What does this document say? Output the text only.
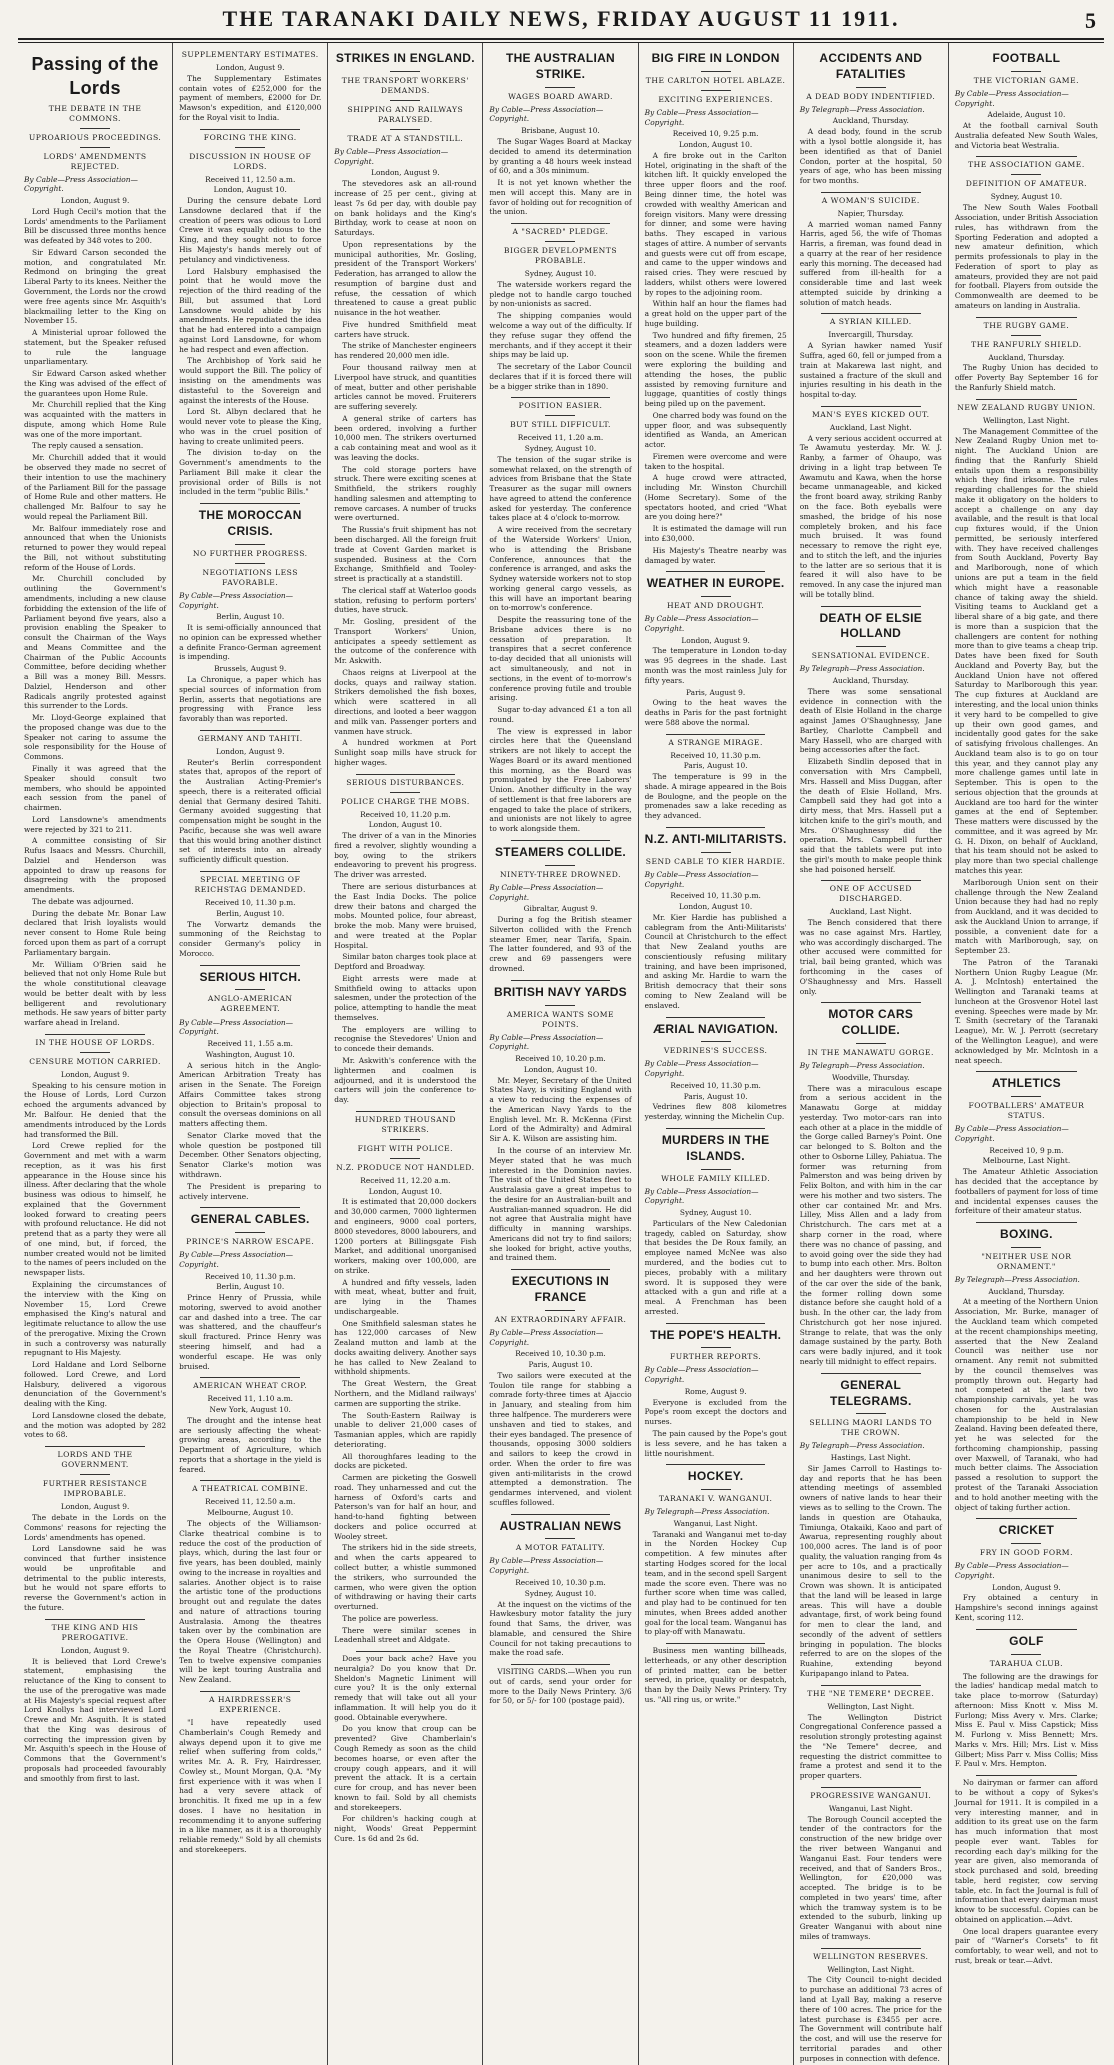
THE TARANAKI DAILY NEWS, FRIDAY AUGUST 11 1911.	5
Passing of the Lords
THE DEBATE IN THE COMMONS.
UPROARIOUS PROCEEDINGS.
LORDS' AMENDMENTS REJECTED.
By Cable—Press Association—Copyright.
London, August 9.

Lord Hugh Cecil's motion that the Lords' amendments to the Parliament Bill be discussed three months hence was defeated by 348 votes to 200.

Sir Edward Carson seconded the motion, and congratulated Mr. Redmond on bringing the great Liberal Party to its knees. Neither the Government, the Lords nor the crowd were free agents since Mr. Asquith's blackmailing letter to the King on November 15.

A Ministerial uproar followed the statement, but the Speaker refused to rule the language unparliamentary.

Sir Edward Carson asked whether the King was advised of the effect of the guarantees upon Home Rule.

Mr. Churchill replied that the King was acquainted with the matters in dispute, among which Home Rule was one of the more important.

The reply caused a sensation.

Mr. Churchill added that it would be observed they made no secret of their intention to use the machinery of the Parliament Bill for the passage of Home Rule and other matters. He challenged Mr. Balfour to say he would repeal the Parliament Bill.

Mr. Balfour immediately rose and announced that when the Unionists returned to power they would repeal the Bill, not without substituting reform of the House of Lords.

Mr. Churchill concluded by outlining the Government's amendments, including a new clause forbidding the extension of the life of Parliament beyond five years, also a provision enabling the Speaker to consult the Chairman of the Ways and Means Committee and the Chairman of the Public Accounts Committee, before deciding whether a Bill was a money Bill. Messrs. Dalziel, Henderson and other Radicals angrily protested against this surrender to the Lords.

Mr. Lloyd-George explained that the proposed change was due to the Speaker not caring to assume the sole responsibility for the House of Commons.

Finally it was agreed that the Speaker should consult two members, who should be appointed each session from the panel of chairmen.

Lord Lansdowne's amendments were rejected by 321 to 211.

A committee consisting of Sir Rufus Isaacs and Messrs. Churchill, Dalziel and Henderson was appointed to draw up reasons for disagreeing with the proposed amendments.

The debate was adjourned.

During the debate Mr. Bonar Law declared that Irish loyalists would never consent to Home Rule being forced upon them as part of a corrupt Parliamentary bargain.

Mr. William O'Brien said he believed that not only Home Rule but the whole constitutional cleavage would be better dealt with by less belligerent and revolutionary methods. He saw years of bitter party warfare ahead in Ireland.

IN THE HOUSE OF LORDS.
CENSURE MOTION CARRIED.
London, August 9.

Speaking to his censure motion in the House of Lords, Lord Curzon echoed the arguments advanced by Mr. Balfour. He denied that the amendments introduced by the Lords had transformed the Bill.

Lord Crewe replied for the Government and met with a warm reception, as it was his first appearance in the House since his illness. After declaring that the whole business was odious to himself, he explained that the Government looked forward to creating peers with profound reluctance. He did not pretend that as a party they were all of one mind, but, if forced, the number created would not be limited to the names of peers included on the newspaper lists.

Explaining the circumstances of the interview with the King on November 15, Lord Crewe emphasised the King's natural and legitimate reluctance to allow the use of the prerogative. Mixing the Crown in such a controversy was naturally repugnant to His Majesty.

Lord Haldane and Lord Selborne followed. Lord Crewe, and Lord Halsbury, delivered a vigorous denunciation of the Government's dealing with the King.

Lord Lansdowne closed the debate, and the motion was adopted by 282 votes to 68.

LORDS AND THE GOVERNMENT.
FURTHER RESISTANCE IMPROBABLE.
London, August 9.

The debate in the Lords on the Commons' reasons for rejecting the Lords' amendments has opened.

Lord Lansdowne said he was convinced that further insistence would be unprofitable and detrimental to the public interests, but he would not spare efforts to reverse the Government's action in the future.

THE KING AND HIS PREROGATIVE.
London, August 9.

It is believed that Lord Crewe's statement, emphasising the reluctance of the King to consent to the use of the prerogative was made at His Majesty's special request after Lord Knollys had interviewed Lord Crewe and Mr. Asquith. It is stated that the King was desirous of correcting the impression given by Mr. Asquith's speech in the House of Commons that the Government's proposals had proceeded favourably and smoothly from first to last.

SUPPLEMENTARY ESTIMATES.
London, August 9.

The Supplementary Estimates contain votes of £252,000 for the payment of members, £2000 for Dr. Mawson's expedition, and £120,000 for the Royal visit to India.

FORCING THE KING.
DISCUSSION IN HOUSE OF LORDS.
Received 11, 12.50 a.m.
London, August 10.

During the censure debate Lord Lansdowne declared that if the creation of peers was odious to Lord Crewe it was equally odious to the King, and they sought not to force His Majesty's hands merely out of petulancy and vindictiveness.

Lord Halsbury emphasised the point that he would move the rejection of the third reading of the Bill, but assumed that Lord Lansdowne would abide by his amendments. He repudiated the idea that he had entered into a campaign against Lord Lansdowne, for whom he had respect and even affection.

The Archbishop of York said he would support the Bill. The policy of insisting on the amendments was distasteful to the Sovereign and against the interests of the House.

Lord St. Albyn declared that he would never vote to please the King, who was in the cruel position of having to create unlimited peers.

The division to-day on the Government's amendments to the Parliament Bill make it clear the provisional order of Bills is not included in the term "public Bills."

THE MOROCCAN CRISIS.
NO FURTHER PROGRESS.
NEGOTIATIONS LESS FAVORABLE.
By Cable—Press Association—Copyright.
Berlin, August 10.

It is semi-officially announced that no opinion can be expressed whether a definite Franco-German agreement is impending.

Brussels, August 9.

La Chronique, a paper which has special sources of information from Berlin, asserts that negotiations are progressing with France less favorably than was reported.

GERMANY AND TAHITI.
London, August 9.

Reuter's Berlin correspondent states that, apropos of the report of the Australian Acting-Premier's speech, there is a reiterated official denial that Germany desired Tahiti. Germany avoided suggesting that compensation might be sought in the Pacific, because she was well aware that this would bring another distinct set of interests into an already sufficiently difficult question.

SPECIAL MEETING OF REICHSTAG DEMANDED.
Received 10, 11.30 p.m.
Berlin, August 10.

The Vorwartz demands the summoning of the Reichstag to consider Germany's policy in Morocco.

SERIOUS HITCH.
ANGLO-AMERICAN AGREEMENT.
By Cable—Press Association—Copyright.
Received 11, 1.55 a.m.
Washington, August 10.

A serious hitch in the Anglo-American Arbitration Treaty has arisen in the Senate. The Foreign Affairs Committee takes strong objection to Britain's proposal to consult the overseas dominions on all matters affecting them.

Senator Clarke moved that the whole question be postponed till December. Other Senators objecting, Senator Clarke's motion was withdrawn.

The President is preparing to actively intervene.

GENERAL CABLES.
PRINCE'S NARROW ESCAPE.
By Cable—Press Association—Copyright.
Received 10, 11.30 p.m.
Berlin, August 10.

Prince Henry of Prussia, while motoring, swerved to avoid another car and dashed into a tree. The car was shattered, and the chauffeur's skull fractured. Prince Henry was steering himself, and had a wonderful escape. He was only bruised.

AMERICAN WHEAT CROP.
Received 11, 1.10 a.m.
New York, August 10.

The drought and the intense heat are seriously affecting the wheat-growing areas, according to the Department of Agriculture, which reports that a shortage in the yield is feared.

A THEATRICAL COMBINE.
Received 11, 12.50 a.m.
Melbourne, August 10.

The objects of the Williamson-Clarke theatrical combine is to reduce the cost of the production of plays, which, during the last four or five years, has been doubled, mainly owing to the increase in royalties and salaries. Another object is to raise the artistic tone of the productions brought out and regulate the dates and nature of attractions touring Australasia. Among the theatres taken over by the combination are the Opera House (Wellington) and the Royal Theatre (Christchurch). Ten to twelve expensive companies will be kept touring Australia and New Zealand.

A HAIRDRESSER'S EXPERIENCE.

"I have repeatedly used Chamberlain's Cough Remedy and always depend upon it to give me relief when suffering from colds," writes Mr. A. R. Fry, Hairdresser, Cowley st., Mount Morgan, Q.A. "My first experience with it was when I had a very severe attack of bronchitis. It fixed me up in a few doses. I have no hesitation in recommending it to anyone suffering in a like manner, as it is a thoroughly reliable remedy." Sold by all chemists and storekeepers.

STRIKES IN ENGLAND.
THE TRANSPORT WORKERS' DEMANDS.
SHIPPING AND RAILWAYS PARALYSED.
TRADE AT A STANDSTILL.
By Cable—Press Association—Copyright.
London, August 9.

The stevedores ask an all-round increase of 25 per cent., giving at least 7s 6d per day, with double pay on bank holidays and the King's Birthday, work to cease at noon on Saturdays.

Upon representations by the municipal authorities, Mr. Gosling, president of the Transport Workers' Federation, has arranged to allow the resumption of bargine dust and refuse, the cessation of which threatened to cause a great public nuisance in the hot weather.

Five hundred Smithfield meat carters have struck.

The strike of Manchester engineers has rendered 20,000 men idle.

Four thousand railway men at Liverpool have struck, and quantities of meat, butter and other perishable articles cannot be moved. Fruiterers are suffering severely.

A general strike of carters has been ordered, involving a further 10,000 men. The strikers overturned a cab containing meat and wool as it was leaving the docks.

The cold storage porters have struck. There were exciting scenes at Smithfield, the strikers roughly handling salesmen and attempting to remove carcases. A number of trucks were overturned.

The Russia's fruit shipment has not been discharged. All the foreign fruit trade at Covent Garden market is suspended. Business at the Corn Exchange, Smithfield and Tooley-street is practically at a standstill.

The clerical staff at Waterloo goods station, refusing to perform porters' duties, have struck.

Mr. Gosling, president of the Transport Workers' Union, anticipates a speedy settlement as the outcome of the conference with Mr. Askwith.

Chaos reigns at Liverpool at the docks, quays and railway station. Strikers demolished the fish boxes, which were scattered in all directions, and looted a beer waggon and milk van. Passenger porters and vanmen have struck.

A hundred workmen at Port Sunlight soap mills have struck for higher wages.

SERIOUS DISTURBANCES.
POLICE CHARGE THE MOBS.
Received 10, 11.20 p.m.
London, August 10.

The driver of a van in the Minories fired a revolver, slightly wounding a boy, owing to the strikers endeavoring to prevent his progress. The driver was arrested.

There are serious disturbances at the East India Docks. The police drew their batons and charged the mobs. Mounted police, four abreast, broke the mob. Many were bruised, and were treated at the Poplar Hospital.

Similar baton charges took place at Deptford and Broadway.

Eight arrests were made at Smithfield owing to attacks upon salesmen, under the protection of the police, attempting to handle the meat themselves.

The employers are willing to recognise the Stevedores' Union and to concede their demands.

Mr. Askwith's conference with the lightermen and coalmen is adjourned, and it is understood the carters will join the conference to-day.

HUNDRED THOUSAND STRIKERS.
FIGHT WITH POLICE.
N.Z. PRODUCE NOT HANDLED.
Received 11, 12.20 a.m.
London, August 10.

It is estimated that 20,000 dockers and 30,000 carmen, 7000 lightermen and engineers, 9000 coal porters, 8000 stevedores, 8000 labourers, and 1200 porters at Billingsgate Fish Market, and additional unorganised workers, making over 100,000, are on strike.

A hundred and fifty vessels, laden with meat, wheat, butter and fruit, are lying in the Thames undischargeable.

One Smithfield salesman states he has 122,000 carcases of New Zealand mutton and lamb at the docks awaiting delivery. Another says he has called to New Zealand to withhold shipments.

The Great Western, the Great Northern, and the Midland railways' carmen are supporting the strike.

The South-Eastern Railway is unable to deliver 21,000 cases of Tasmanian apples, which are rapidly deteriorating.

All thoroughfares leading to the docks are picketed.

Carmen are picketing the Goswell road. They unharnessed and cut the harness of Oxford's carts and Paterson's van for half an hour, and hand-to-hand fighting between dockers and police occurred at Wooley street.

The strikers hid in the side streets, and when the carts appeared to collect butter, a whistle summoned the strikers, who surrounded the carmen, who were given the option of withdrawing or having their carts overturned.

The police are powerless.

There were similar scenes in Leadenhall street and Aldgate.

Does your back ache? Have you neuralgia? Do you know that Dr. Sheldon's Magnetic Liniment will cure you? It is the only external remedy that will take out all your inflammation. It will help you do it good. Obtainable everywhere.

Do you know that croup can be prevented? Give Chamberlain's Cough Remedy as soon as the child becomes hoarse, or even after the croupy cough appears, and it will prevent the attack. It is a certain cure for croup, and has never been known to fail. Sold by all chemists and storekeepers.

For children's hacking cough at night, Woods' Great Peppermint Cure. 1s 6d and 2s 6d.

THE AUSTRALIAN STRIKE.
WAGES BOARD AWARD.
By Cable—Press Association—Copyright.
Brisbane, August 10.

The Sugar Wages Board at Mackay decided to amend its determination by granting a 48 hours week instead of 60, and a 30s minimum.

It is not yet known whether the men will accept this. Many are in favor of holding out for recognition of the union.

A "SACRED" PLEDGE.
BIGGER DEVELOPMENTS PROBABLE.
Sydney, August 10.

The waterside workers regard the pledge not to handle cargo touched by non-unionists as sacred.

The shipping companies would welcome a way out of the difficulty. If they refuse sugar they offend the merchants, and if they accept it their ships may be laid up.

The secretary of the Labor Council declares that if it is forced there will be a bigger strike than in 1890.

POSITION EASIER.
BUT STILL DIFFICULT.
Received 11, 1.20 a.m.
Sydney, August 10.

The tension of the sugar strike is somewhat relaxed, on the strength of advices from Brisbane that the State Treasurer as the sugar mill owners have agreed to attend the conference asked for yesterday. The conference takes place at 4 o'clock to-morrow.

A wire received from the secretary of the Waterside Workers' Union, who is attending the Brisbane Conference, announces that the conference is arranged, and asks the Sydney waterside workers not to stop working general cargo vessels, as this will have an important bearing on to-morrow's conference.

Despite the reassuring tone of the Brisbane advices there is no cessation of preparation. It transpires that a secret conference to-day decided that all unionists will act simultaneously, and not in sections, in the event of to-morrow's conference proving futile and trouble arising.

Sugar to-day advanced £1 a ton all round.

The view is expressed in labor circles here that the Queensland strikers are not likely to accept the Wages Board or its award mentioned this morning, as the Board was promulgated by the Free Laborers' Union. Another difficulty in the way of settlement is that free laborers are engaged to take the place of strikers, and unionists are not likely to agree to work alongside them.

STEAMERS COLLIDE.
NINETY-THREE DROWNED.
By Cable—Press Association—Copyright.
Gibraltar, August 9.

During a fog the British steamer Silverton collided with the French steamer Emer, near Tarifa, Spain. The latter foundered, and 93 of the crew and 69 passengers were drowned.

BRITISH NAVY YARDS
AMERICA WANTS SOME POINTS.
By Cable—Press Association—Copyright.
Received 10, 10.20 p.m.
London, August 10.

Mr. Meyer, Secretary of the United States Navy, is visiting England with a view to reducing the expenses of the American Navy Yards to the English level. Mr. R. McKenna (First Lord of the Admiralty) and Admiral Sir A. K. Wilson are assisting him.

In the course of an interview Mr. Meyer stated that he was much interested in the Dominion navies. The visit of the United States fleet to Australasia gave a great impetus to the desire for an Australian-built and Australian-manned squadron. He did not agree that Australia might have difficulty in manning warships. Americans did not try to find sailors; she looked for bright, active youths, and trained them.

EXECUTIONS IN FRANCE
AN EXTRAORDINARY AFFAIR.
By Cable—Press Association—Copyright.
Received 10, 10.30 p.m.
Paris, August 10.

Two sailors were executed at the Toulon tile range for stabbing a comrade forty-three times at Ajaccio in January, and stealing from him three halfpence. The murderers were unshaven and tied to stakes, and their eyes bandaged. The presence of thousands, opposing 3000 soldiers and sailors to keep the crowd in order. When the order to fire was given anti-militarists in the crowd attempted a demonstration. The gendarmes intervened, and violent scuffles followed.

AUSTRALIAN NEWS
A MOTOR FATALITY.
By Cable—Press Association—Copyright.
Received 10, 10.30 p.m.
Sydney, August 10.

At the inquest on the victims of the Hawkesbury motor fatality the jury found that Sams, the driver, was blamable, and censured the Shire Council for not taking precautions to make the road safe.

VISITING CARDS.—When you run out of cards, send your order for more to the Daily News Printery. 3/6 for 50, or 5/- for 100 (postage paid).

BIG FIRE IN LONDON
THE CARLTON HOTEL ABLAZE.
EXCITING EXPERIENCES.
By Cable—Press Association—Copyright.
Received 10, 9.25 p.m.
London, August 10.

A fire broke out in the Carlton Hotel, originating in the shaft of the kitchen lift. It quickly enveloped the three upper floors and the roof. Being dinner time, the hotel was crowded with wealthy American and foreign visitors. Many were dressing for dinner, and some were having baths. They escaped in various stages of attire. A number of servants and guests were cut off from escape, and came to the upper windows and raised cries. They were rescued by ladders, whilst others were lowered by ropes to the adjoining room.

Within half an hour the flames had a great hold on the upper part of the huge building.

Two hundred and fifty firemen, 25 steamers, and a dozen ladders were soon on the scene. While the firemen were exploring the building and attending the hoses, the public assisted by removing furniture and luggage, quantities of costly things being piled up on the pavement.

One charred body was found on the upper floor, and was subsequently identified as Wanda, an American actor.

Firemen were overcome and were taken to the hospital.

A huge crowd were attracted, including Mr. Winston Churchill (Home Secretary). Some of the spectators hooted, and cried "What are you doing here?"

It is estimated the damage will run into £30,000.

His Majesty's Theatre nearby was damaged by water.

WEATHER IN EUROPE.
HEAT AND DROUGHT.
By Cable—Press Association—Copyright.
London, August 9.

The temperature in London to-day was 95 degrees in the shade. Last month was the most rainless July for fifty years.

Paris, August 9.

Owing to the heat waves the deaths in Paris for the past fortnight were 588 above the normal.

A STRANGE MIRAGE.
Received 10, 11.30 p.m.
Paris, August 10.

The temperature is 99 in the shade. A mirage appeared in the Bois de Boulogne, and the people on the promenades saw a lake receding as they advanced.

N.Z. ANTI-MILITARISTS.
SEND CABLE TO KIER HARDIE.
By Cable—Press Association—Copyright.
Received 10, 11.30 p.m.
London, August 10.

Mr. Kier Hardie has published a cablegram from the Anti-Militarists' Council at Christchurch to the effect that New Zealand youths are conscientiously refusing military training, and have been imprisoned, and asking Mr. Hardie to warn the British democracy that their sons coming to New Zealand will be enslaved.

ÆRIAL NAVIGATION.
VEDRINES'S SUCCESS.
By Cable—Press Association—Copyright.
Received 10, 11.30 p.m.
Paris, August 10.

Vedrines flew 808 kilometres yesterday, winning the Michelin Cup.

MURDERS IN THE ISLANDS.
WHOLE FAMILY KILLED.
By Cable—Press Association—Copyright.
Sydney, August 10.

Particulars of the New Caledonian tragedy, cabled on Saturday, show that besides the De Roux family, an employee named McNee was also murdered, and the bodies cut to pieces, probably with a military sword. It is supposed they were attacked with a gun and rifle at a meal. A Frenchman has been arrested.

THE POPE'S HEALTH.
FURTHER REPORTS.
By Cable—Press Association—Copyright.
Rome, August 9.

Everyone is excluded from the Pope's room except the doctors and nurses.

The pain caused by the Pope's gout is less severe, and he has taken a little nourishment.

HOCKEY.
TARANAKI V. WANGANUI.
By Telegraph—Press Association.
Wanganui, Last Night.

Taranaki and Wanganui met to-day in the Norden Hockey Cup competition. A few minutes after starting Hodges scored for the local team, and in the second spell Sargent made the score even. There was no further score when time was called, and play had to be continued for ten minutes, when Brees added another goal for the local team. Wanganui has to play-off with Manawatu.

Business men wanting billheads, letterheads, or any other description of printed matter, can be better served, in price, quality or despatch, than by the Daily News Printery. Try us. "All ring us, or write."

ACCIDENTS AND FATALITIES
A DEAD BODY INDENTIFIED.
By Telegraph—Press Association.
Auckland, Thursday.

A dead body, found in the scrub with a lysol bottle alongside it, has been identified as that of Daniel Condon, porter at the hospital, 50 years of age, who has been missing for two months.

A WOMAN'S SUICIDE.
Napier, Thursday.

A married woman named Fanny Harris, aged 56, the wife of Thomas Harris, a fireman, was found dead in a quarry at the rear of her residence early this morning. The deceased had suffered from ill-health for a considerable time and last week attempted suicide by drinking a solution of match heads.

A SYRIAN KILLED.
Invercargill, Thursday.

A Syrian hawker named Yusif Suffra, aged 60, fell or jumped from a train at Makarewa last night, and sustained a fracture of the skull and injuries resulting in his death in the hospital to-day.

MAN'S EYES KICKED OUT.
Auckland, Last Night.

A very serious accident occurred at Te Awamutu yesterday. Mr. W. J. Ranby, a farmer of Ohaupo, was driving in a light trap between Te Awamutu and Kawa, when the horse became unmanageable, and kicked the front board away, striking Ranby on the face. Both eyeballs were smashed, the bridge of his nose completely broken, and his face much bruised. It was found necessary to remove the right eye, and to stitch the left, and the injuries to the latter are so serious that it is feared it will also have to be removed. In any case the injured man will be totally blind.

DEATH OF ELSIE HOLLAND
SENSATIONAL EVIDENCE.
By Telegraph—Press Association.
Auckland, Thursday.

There was some sensational evidence in connection with the death of Elsie Holland in the charge against James O'Shaughnessy, Jane Bartley, Charlotte Campbell and Mary Hassell, who are charged with being accessories after the fact.

Elizabeth Sindlin deposed that in conversation with Mrs Campbell, Mrs. Hassell and Miss Duggan, after the death of Elsie Holland, Mrs. Campbell said they had got into a dirty mess, that Mrs. Hassell put a kitchen knife to the girl's mouth, and Mrs. O'Shaughnessy did the operation. Mrs. Campbell further said that the tablets were put into the girl's mouth to make people think she had poisoned herself.

ONE OF ACCUSED DISCHARGED.
Auckland, Last Night.

The Bench considered that there was no case against Mrs. Hartley, who was accordingly discharged. The other accused were committed for trial, bail being granted, which was forthcoming in the cases of O'Shaughnessy and Mrs. Hassell only.

MOTOR CARS COLLIDE.
IN THE MANAWATU GORGE.
By Telegraph—Press Association.
Woodville, Thursday.

There was a miraculous escape from a serious accident in the Manawatu Gorge at midday yesterday. Two motor-cars ran into each other at a place in the middle of the Gorge called Barney's Point. One car belonged to S. Bolton and the other to Osborne Lilley, Pahiatua. The former was returning from Palmerston and was being driven by Felix Bolton, and with him in the car were his mother and two sisters. The other car contained Mr. and Mrs. Lilley, Miss Allen and a lady from Christchurch. The cars met at a sharp corner in the road, where there was no chance of passing, and to avoid going over the side they had to bump into each other. Mrs. Bolton and her daughters were thrown out of the car over the side of the bank, the former rolling down some distance before she caught hold of a bush. In the other car, the lady from Christchurch got her nose injured. Strange to relate, that was the only damage sustained by the party. Both cars were badly injured, and it took nearly till midnight to effect repairs.

GENERAL TELEGRAMS.
SELLING MAORI LANDS TO THE CROWN.
By Telegraph—Press Association.
Hastings, Last Night.

Sir James Carroll to Hastings to-day and reports that he has been attending meetings of assembled owners of native lands to hear their views as to selling to the Crown. The lands in question are Otahauka, Timiunga, Otakaiki, Kaoo and part of Awarua, representing roughly about 100,000 acres. The land is of poor quality, the valuation ranging from 4s per acre to 10s, and a practically unanimous desire to sell to the Crown was shown. It is anticipated that the land will be leased in large areas. This will have a double advantage, first, of work being found for men to clear the land, and secondly of the advent of settlers bringing in population. The blocks referred to are on the slopes of the Ruahine, extending beyond Kuripapango inland to Patea.

THE "NE TEMERE" DECREE.
Wellington, Last Night.

The Wellington District Congregational Conference passed a resolution strongly protesting against the "Ne Temere" decree, and requesting the district committee to frame a protest and send it to the proper quarters.

PROGRESSIVE WANGANUI.
Wanganui, Last Night.

The Borough Council accepted the tender of the contractors for the construction of the new bridge over the river between Wanganui and Wanganui East. Four tenders were received, and that of Sanders Bros., Wellington, for £20,000 was accepted. The bridge is to be completed in two years' time, after which the tramway system is to be extended to the suburb, linking up Greater Wanganui with about nine miles of tramways.

WELLINGTON RESERVES.
Wellington, Last Night.

The City Council to-night decided to purchase an additional 73 acres of land at Lyall Bay, making a reserve there of 100 acres. The price for the latest purchase is £3455 per acre. The Government will contribute half the cost, and will use the reserve for territorial parades and other purposes in connection with defence.

FOOTBALL
THE VICTORIAN GAME.
By Cable—Press Association—Copyright.
Adelaide, August 10.

At the football carnival South Australia defeated New South Wales, and Victoria beat Westralia.

THE ASSOCIATION GAME.
DEFINITION OF AMATEUR.
Sydney, August 10.

The New South Wales Football Association, under British Association rules, has withdrawn from the Sporting Federation and adopted a new amateur definition, which permits professionals to play in the Federation of sport to play as amateurs, provided they are not paid for football. Players from outside the Commonwealth are deemed to be amateurs on landing in Australia.

THE RUGBY GAME.
THE RANFURLY SHIELD.
Auckland, Thursday.

The Rugby Union has decided to offer Poverty Bay September 16 for the Ranfurly Shield match.

NEW ZEALAND RUGBY UNION.
Wellington, Last Night.

The Management Committee of the New Zealand Rugby Union met to-night. The Auckland Union are finding that the Ranfurly Shield entails upon them a responsibility which they find irksome. The rules regarding challenges for the shield make it obligatory on the holders to accept a challenge on any day available, and the result is that local cup fixtures would, if the Union permitted, be seriously interfered with. They have received challenges from South Auckland, Poverty Bay and Marlborough, none of which unions are put a team in the field which might have a reasonable chance of taking away the shield. Visiting teams to Auckland get a liberal share of a big gate, and there is more than a suspicion that the challengers are content for nothing more than to give teams a cheap trip. Dates have been fixed for South Auckland and Poverty Bay, but the Auckland Union have not offered Saturday to Marlborough this year. The cup fixtures at Auckland are interesting, and the local union thinks it very hard to be compelled to give up their own good games, and incidentally good gates for the sake of satisfying frivolous challenges. An Auckland team also is to go on tour this year, and they cannot play any more challenge games until late in September. This is open to the serious objection that the grounds at Auckland are too hard for the winter games at the end of September. These matters were discussed by the committee, and it was agreed by Mr. G. H. Dixon, on behalf of Auckland, that his team should not be asked to play more than two special challenge matches this year.

Marlborough Union sent on their challenge through the New Zealand Union because they had had no reply from Auckland, and it was decided to ask the Auckland Union to arrange, if possible, a convenient date for a match with Marlborough, say, on September 23.

The Patron of the Taranaki Northern Union Rugby League (Mr. A. J. McIntosh) entertained the Wellington and Taranaki teams at luncheon at the Grosvenor Hotel last evening. Speeches were made by Mr. T. Smith (secretary of the Taranaki League), Mr. W. J. Perrott (secretary of the Wellington League), and were acknowledged by Mr. McIntosh in a neat speech.

ATHLETICS
FOOTBALLERS' AMATEUR STATUS.
By Cable—Press Association—Copyright.
Received 10, 9 p.m.
Melbourne, Last Night.

The Amateur Athletic Association has decided that the acceptance by footballers of payment for loss of time and incidental expenses causes the forfeiture of their amateur status.

BOXING.
"NEITHER USE NOR ORNAMENT."
By Telegraph—Press Association.
Auckland, Thursday.

At a meeting of the Northern Union Association, Mr. Burke, manager of the Auckland team which competed at the recent championships meeting, asserted that the New Zealand Council was neither use nor ornament. Any remit not submitted by the council themselves was promptly thrown out. Hegarty had not competed at the last two championship carnivals, yet he was chosen for the Australasian championship to be held in New Zealand. Having been defeated there, yet he was selected for the forthcoming championship, passing over Maxwell, of Taranaki, who had much better claims. The Association passed a resolution to support the protest of the Taranaki Association and to hold another meeting with the object of taking further action.

CRICKET
FRY IN GOOD FORM.
By Cable—Press Association—Copyright.
London, August 9.

Fry obtained a century in Hampshire's second innings against Kent, scoring 112.

GOLF
TARAHUA CLUB.

The following are the drawings for the ladies' handicap medal match to take place to-morrow (Saturday) afternoon: Miss Knott v. Miss M. Furlong; Miss Avery v. Mrs. Clarke; Miss E. Paul v. Miss Capstick; Miss M. Furlong v. Miss Bennett; Mrs. Marks v. Mrs. Hill; Mrs. List v. Miss Gilbert; Miss Parr v. Miss Collis; Miss F. Paul v. Mrs. Hempton.

No dairyman or farmer can afford to be without a copy of Sykes's Journal for 1911. It is compiled in a very interesting manner, and in addition to its great use on the farm has much information that most people ever want. Tables for recording each day's milking for the year are given, also memoranda of stock purchased and sold, breeding table, herd register, cow serving table, etc. In fact the Journal is full of information that every dairyman must know to be successful. Copies can be obtained on application.—Advt.

One local drapers guarantee every pair of "Warner's Corsets" to fit comfortably, to wear well, and not to rust, break or tear.—Advt.
